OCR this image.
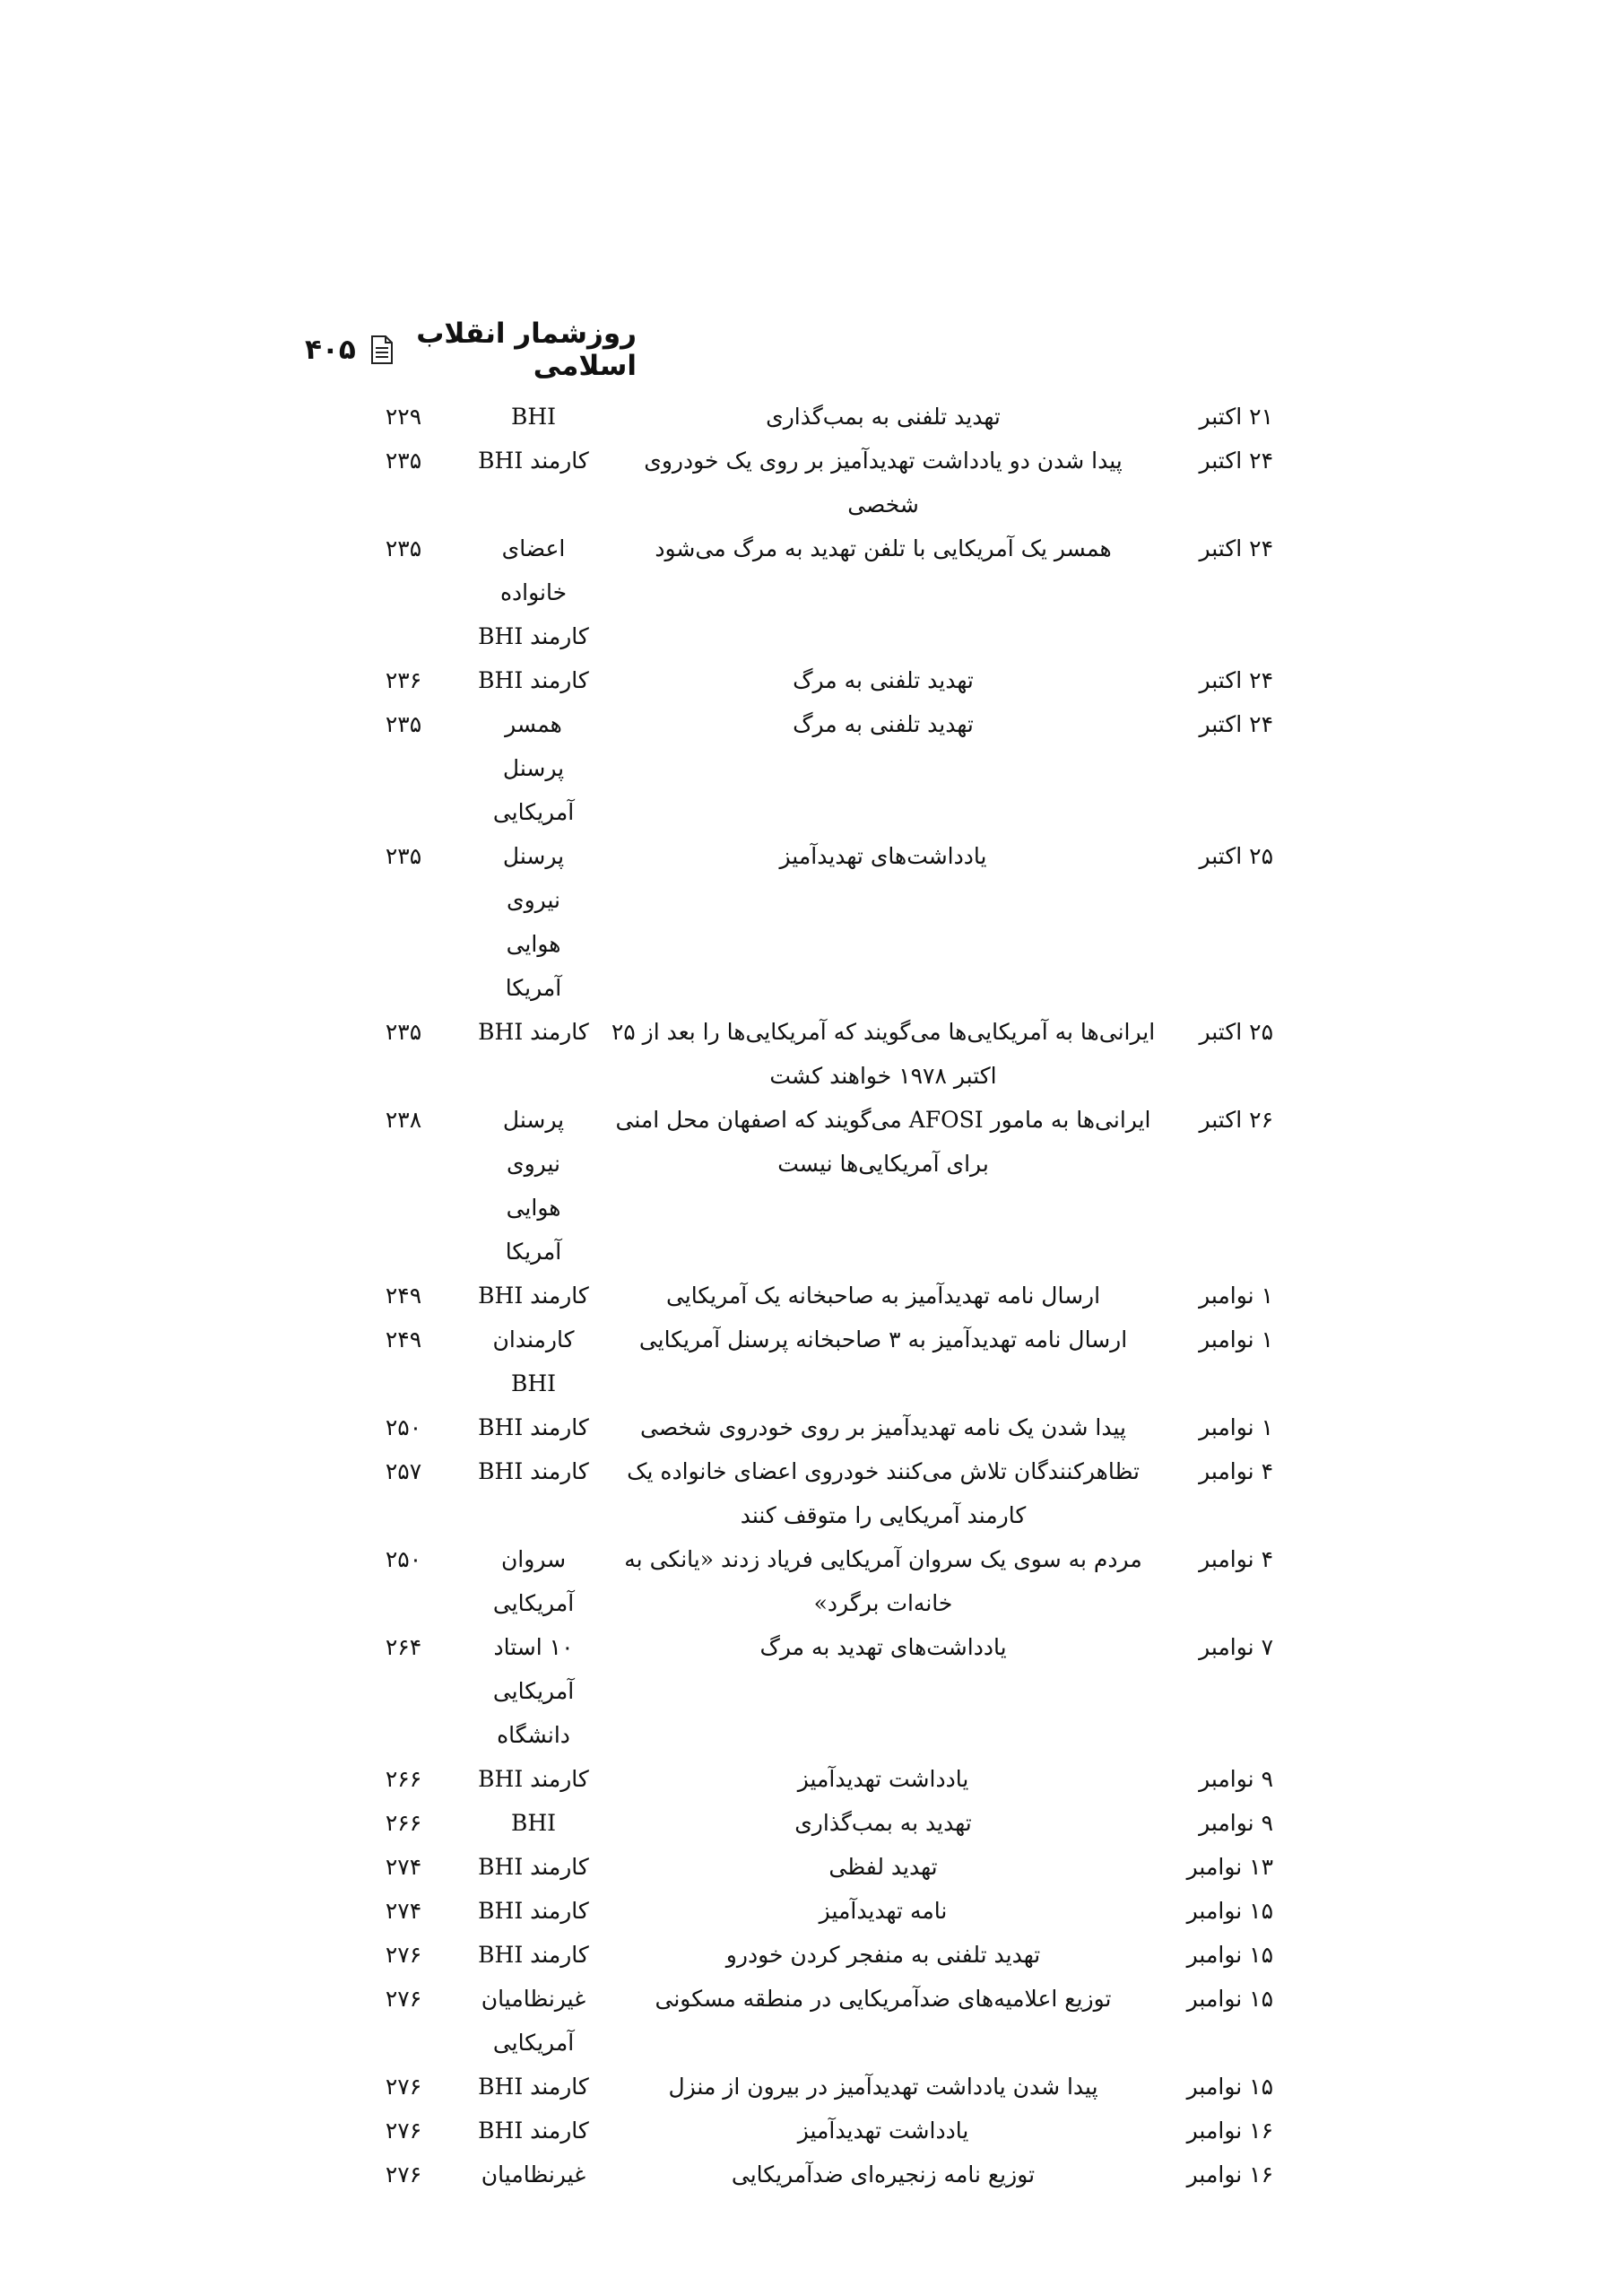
روزشمار انقلاب اسلامی
۴۰۵
۲۱ اکتبر
تهدید تلفنی به بمب‌گذاری
BHI
۲۲۹
۲۴ اکتبر
پیدا شدن دو یادداشت تهدیدآمیز بر روی یک خودروی شخصی
کارمند BHI
۲۳۵
۲۴ اکتبر
همسر یک آمریکایی با تلفن تهدید به مرگ می‌شود
اعضای خانواده کارمند BHI
۲۳۵
۲۴ اکتبر
تهدید تلفنی به مرگ
کارمند BHI
۲۳۶
۲۴ اکتبر
تهدید تلفنی به مرگ
همسر پرسنل آمریکایی
۲۳۵
۲۵ اکتبر
یادداشت‌های تهدیدآمیز
پرسنل نیروی هوایی آمریکا
۲۳۵
۲۵ اکتبر
ایرانی‌ها به آمریکایی‌ها می‌گویند که آمریکایی‌ها را بعد از ۲۵ اکتبر ۱۹۷۸ خواهند کشت
کارمند BHI
۲۳۵
۲۶ اکتبر
ایرانی‌ها به مامور AFOSI می‌گویند که اصفهان محل امنی برای آمریکایی‌ها نیست
پرسنل نیروی هوایی آمریکا
۲۳۸
۱ نوامبر
ارسال نامه تهدیدآمیز به صاحبخانه یک آمریکایی
کارمند BHI
۲۴۹
۱ نوامبر
ارسال نامه تهدیدآمیز به ۳ صاحبخانه پرسنل آمریکایی
کارمندان BHI
۲۴۹
۱ نوامبر
پیدا شدن یک نامه تهدیدآمیز بر روی خودروی شخصی
کارمند BHI
۲۵۰
۴ نوامبر
تظاهرکنندگان تلاش می‌کنند خودروی اعضای خانواده یک کارمند آمریکایی را متوقف کنند
کارمند BHI
۲۵۷
۴ نوامبر
مردم به سوی یک سروان آمریکایی فریاد زدند «یانکی به خانه‌ات برگرد»
سروان آمریکایی
۲۵۰
۷ نوامبر
یادداشت‌های تهدید به مرگ
۱۰ استاد آمریکایی دانشگاه
۲۶۴
۹ نوامبر
یادداشت تهدیدآمیز
کارمند BHI
۲۶۶
۹ نوامبر
تهدید به بمب‌گذاری
BHI
۲۶۶
۱۳ نوامبر
تهدید لفظی
کارمند BHI
۲۷۴
۱۵ نوامبر
نامه تهدیدآمیز
کارمند BHI
۲۷۴
۱۵ نوامبر
تهدید تلفنی به منفجر کردن خودرو
کارمند BHI
۲۷۶
۱۵ نوامبر
توزیع اعلامیه‌های ضدآمریکایی در منطقه مسکونی
غیرنظامیان آمریکایی
۲۷۶
۱۵ نوامبر
پیدا شدن یادداشت تهدیدآمیز در بیرون از منزل
کارمند BHI
۲۷۶
۱۶ نوامبر
یادداشت تهدیدآمیز
کارمند BHI
۲۷۶
۱۶ نوامبر
توزیع نامه زنجیره‌ای ضدآمریکایی
غیرنظامیان
۲۷۶
